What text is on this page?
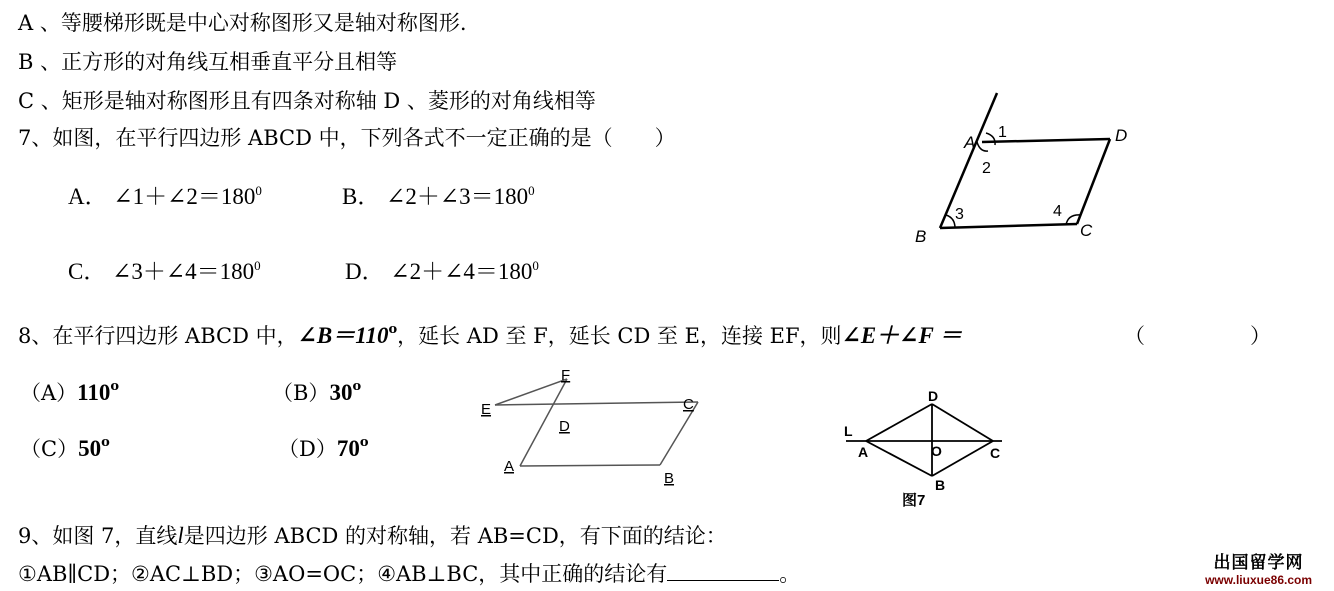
A 、等腰梯形既是中心对称图形又是轴对称图形.
B 、正方形的对角线互相垂直平分且相等
C 、矩形是轴对称图形且有四条对称轴 D 、菱形的对角线相等
7、如图，在平行四边形 ABCD 中，下列各式不一定正确的是（　　）
A． $\angle 1+\angle 2=180^0$	B． $\angle 2+\angle 3=180^0$
C． $\angle 3+\angle 4=180^0$	D． $\angle 2+\angle 4=180^0$
A
1
2
D
3	4
B	C
8、在平行四边形 ABCD 中，$\angle B=110^o$，延长 AD 至 F，延长 CD 至 E，连接 EF，则∠E＋∠F ＝	（　　　　　）
（A）110$^o$	（B）30$^o$
（C）50$^o$	（D）70$^o$
F
E	C
D
A
B
L
A
D
O	C
B
图7
9、如图 7，直线l是四边形 ABCD 的对称轴，若 AB=CD，有下面的结论：
①AB∥CD；②AC⊥BD；③AO=OC；④AB⊥BC，其中正确的结论有	。	出国留学网
www.liuxue86.com
